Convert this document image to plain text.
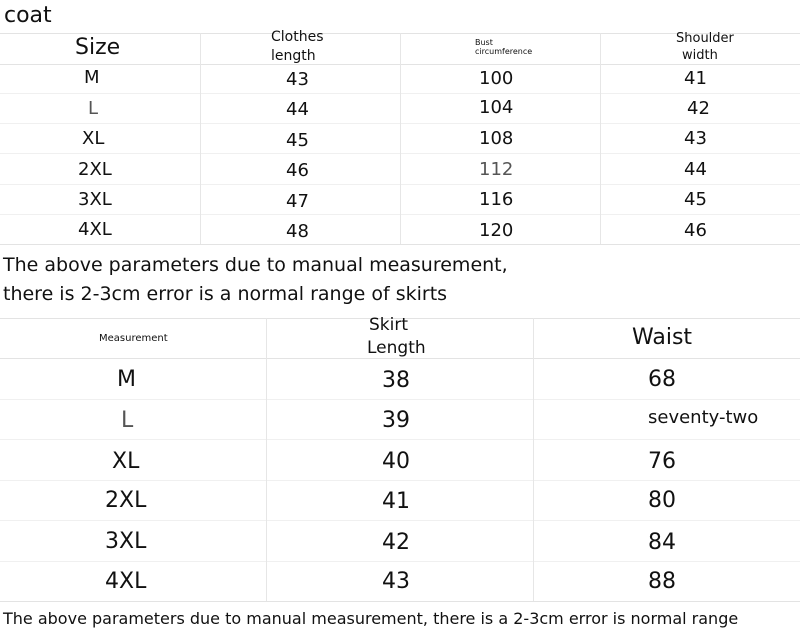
coat
Size	Clothes
length
Bust
circumference
Shoulder
width
M
L
XL
2XL
3XL
4XL
43
44
45
46
47
48
100
104
108
112
116
120
41
42
43
44
45
46
The above parameters due to manual measurement,
there is 2-3cm error is a normal range of skirts
Measurement
Skirt
Length	Waist
M
L
XL
2XL
3XL
4XL
38
39
40
41
42
43
68
seventy-two
76
80
84
88
The above parameters due to manual measurement, there is a 2-3cm error is normal range
